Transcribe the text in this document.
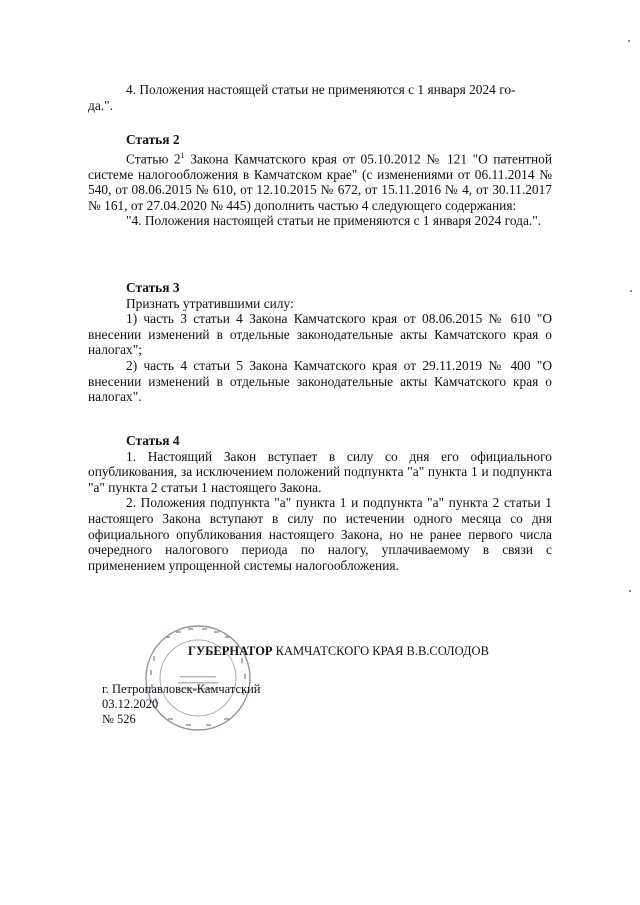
4. Положения настоящей статьи не применяются с 1 января 2024 го-
да.".

Статья 2

Статью $2^1$ Закона Камчатского края от 05.10.2012 № 121 "О патентной системе налогообложения в Камчатском крае" (с изменениями от 06.11.2014 № 540, от 08.06.2015 № 610, от 12.10.2015 № 672, от 15.11.2016 № 4, от 30.11.2017 № 161, от 27.04.2020 № 445) дополнить частью 4 следующего содержания:

"4. Положения настоящей статьи не применяются с 1 января 2024 года.".

Статья 3

Признать утратившими силу:

1) часть 3 статьи 4 Закона Камчатского края от 08.06.2015 № 610 "О внесении изменений в отдельные законодательные акты Камчатского края о налогах";

2) часть 4 статьи 5 Закона Камчатского края от 29.11.2019 № 400 "О внесении изменений в отдельные законодательные акты Камчатского края о налогах".

Статья 4

1. Настоящий Закон вступает в силу со дня его официального опубликования, за исключением положений подпункта "а" пункта 1 и подпункта "а" пункта 2 статьи 1 настоящего Закона.

2. Положения подпункта "а" пункта 1 и подпункта "а" пункта 2 статьи 1 настоящего Закона вступают в силу по истечении одного месяца со дня официального опубликования настоящего Закона, но не ранее первого числа очередного налогового периода по налогу, уплачиваемому в связи с применением упрощенной системы налогообложения.

ГУБЕРНАТОР КАМЧАТСКОГО КРАЯ В.В.СОЛОДОВ
г. Петропавловск-Камчатский
03.12.2020
№ 526
